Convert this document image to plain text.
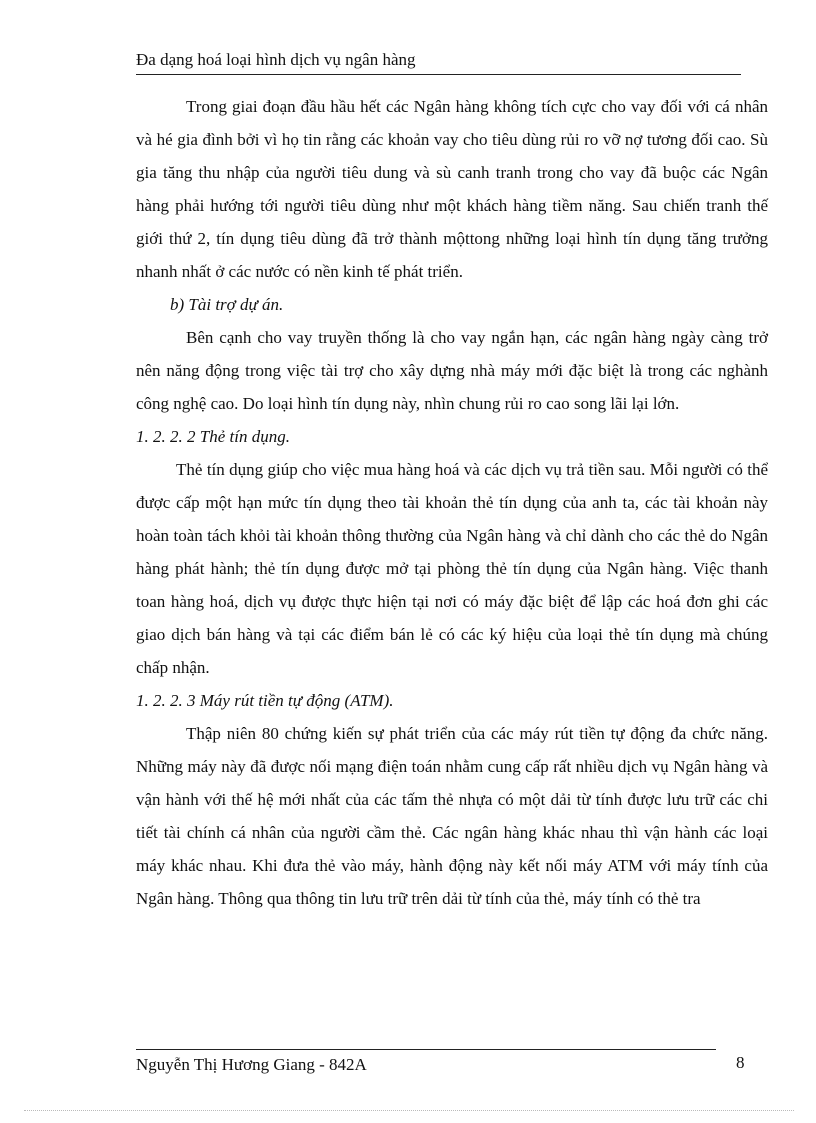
Đa dạng hoá loại hình dịch vụ ngân hàng

Trong giai đoạn đầu hầu hết các Ngân hàng không tích cực cho vay đối với cá nhân và hé gia đình bởi vì họ tin rằng các khoản vay cho tiêu dùng rủi ro vỡ nợ tương đối cao. Sù gia tăng thu nhập của người tiêu dung và sù canh tranh trong cho vay đã buộc các Ngân hàng phải hướng tới người tiêu dùng như một khách hàng tiềm năng. Sau chiến tranh thế giới thứ 2, tín dụng tiêu dùng đã trở thành mộttong những loại hình tín dụng tăng trưởng nhanh nhất ở các nước có nền kinh tế phát triển.

b) Tài trợ dự án.

Bên cạnh cho vay truyền thống là cho vay ngắn hạn, các ngân hàng ngày càng trở nên năng động trong việc tài trợ cho xây dựng nhà máy mới đặc biệt là trong các nghành công nghệ cao. Do loại hình tín dụng này, nhìn chung rủi ro cao song lãi lại lớn.

1. 2. 2. 2 Thẻ tín dụng.

Thẻ tín dụng giúp cho việc mua hàng hoá và các dịch vụ trả tiền sau. Mỗi người có thể được cấp một hạn mức tín dụng theo tài khoản thẻ tín dụng của anh ta, các tài khoản này hoàn toàn tách khỏi tài khoản thông thường của Ngân hàng và chỉ dành cho các thẻ do Ngân hàng phát hành; thẻ tín dụng được mở tại phòng thẻ tín dụng của Ngân hàng. Việc thanh toan hàng hoá, dịch vụ được thực hiện tại nơi có máy đặc biệt để lập các hoá đơn ghi các giao dịch bán hàng và tại các điểm bán lẻ có các ký hiệu của loại thẻ tín dụng mà chúng chấp nhận.

1. 2. 2. 3 Máy rút tiền tự động (ATM).

Thập niên 80 chứng kiến sự phát triển của các máy rút tiền tự động đa chức năng. Những máy này đã được nối mạng điện toán nhằm cung cấp rất nhiều dịch vụ Ngân hàng và vận hành với thế hệ mới nhất của các tấm thẻ nhựa có một dải từ tính được lưu trữ các chi tiết tài chính cá nhân của người cầm thẻ. Các ngân hàng khác nhau thì vận hành các loại máy khác nhau. Khi đưa thẻ vào máy, hành động này kết nối máy ATM với máy tính của Ngân hàng. Thông qua thông tin lưu trữ trên dải từ tính của thẻ, máy tính có thẻ tra

Nguyễn Thị Hương Giang - 842A	8
